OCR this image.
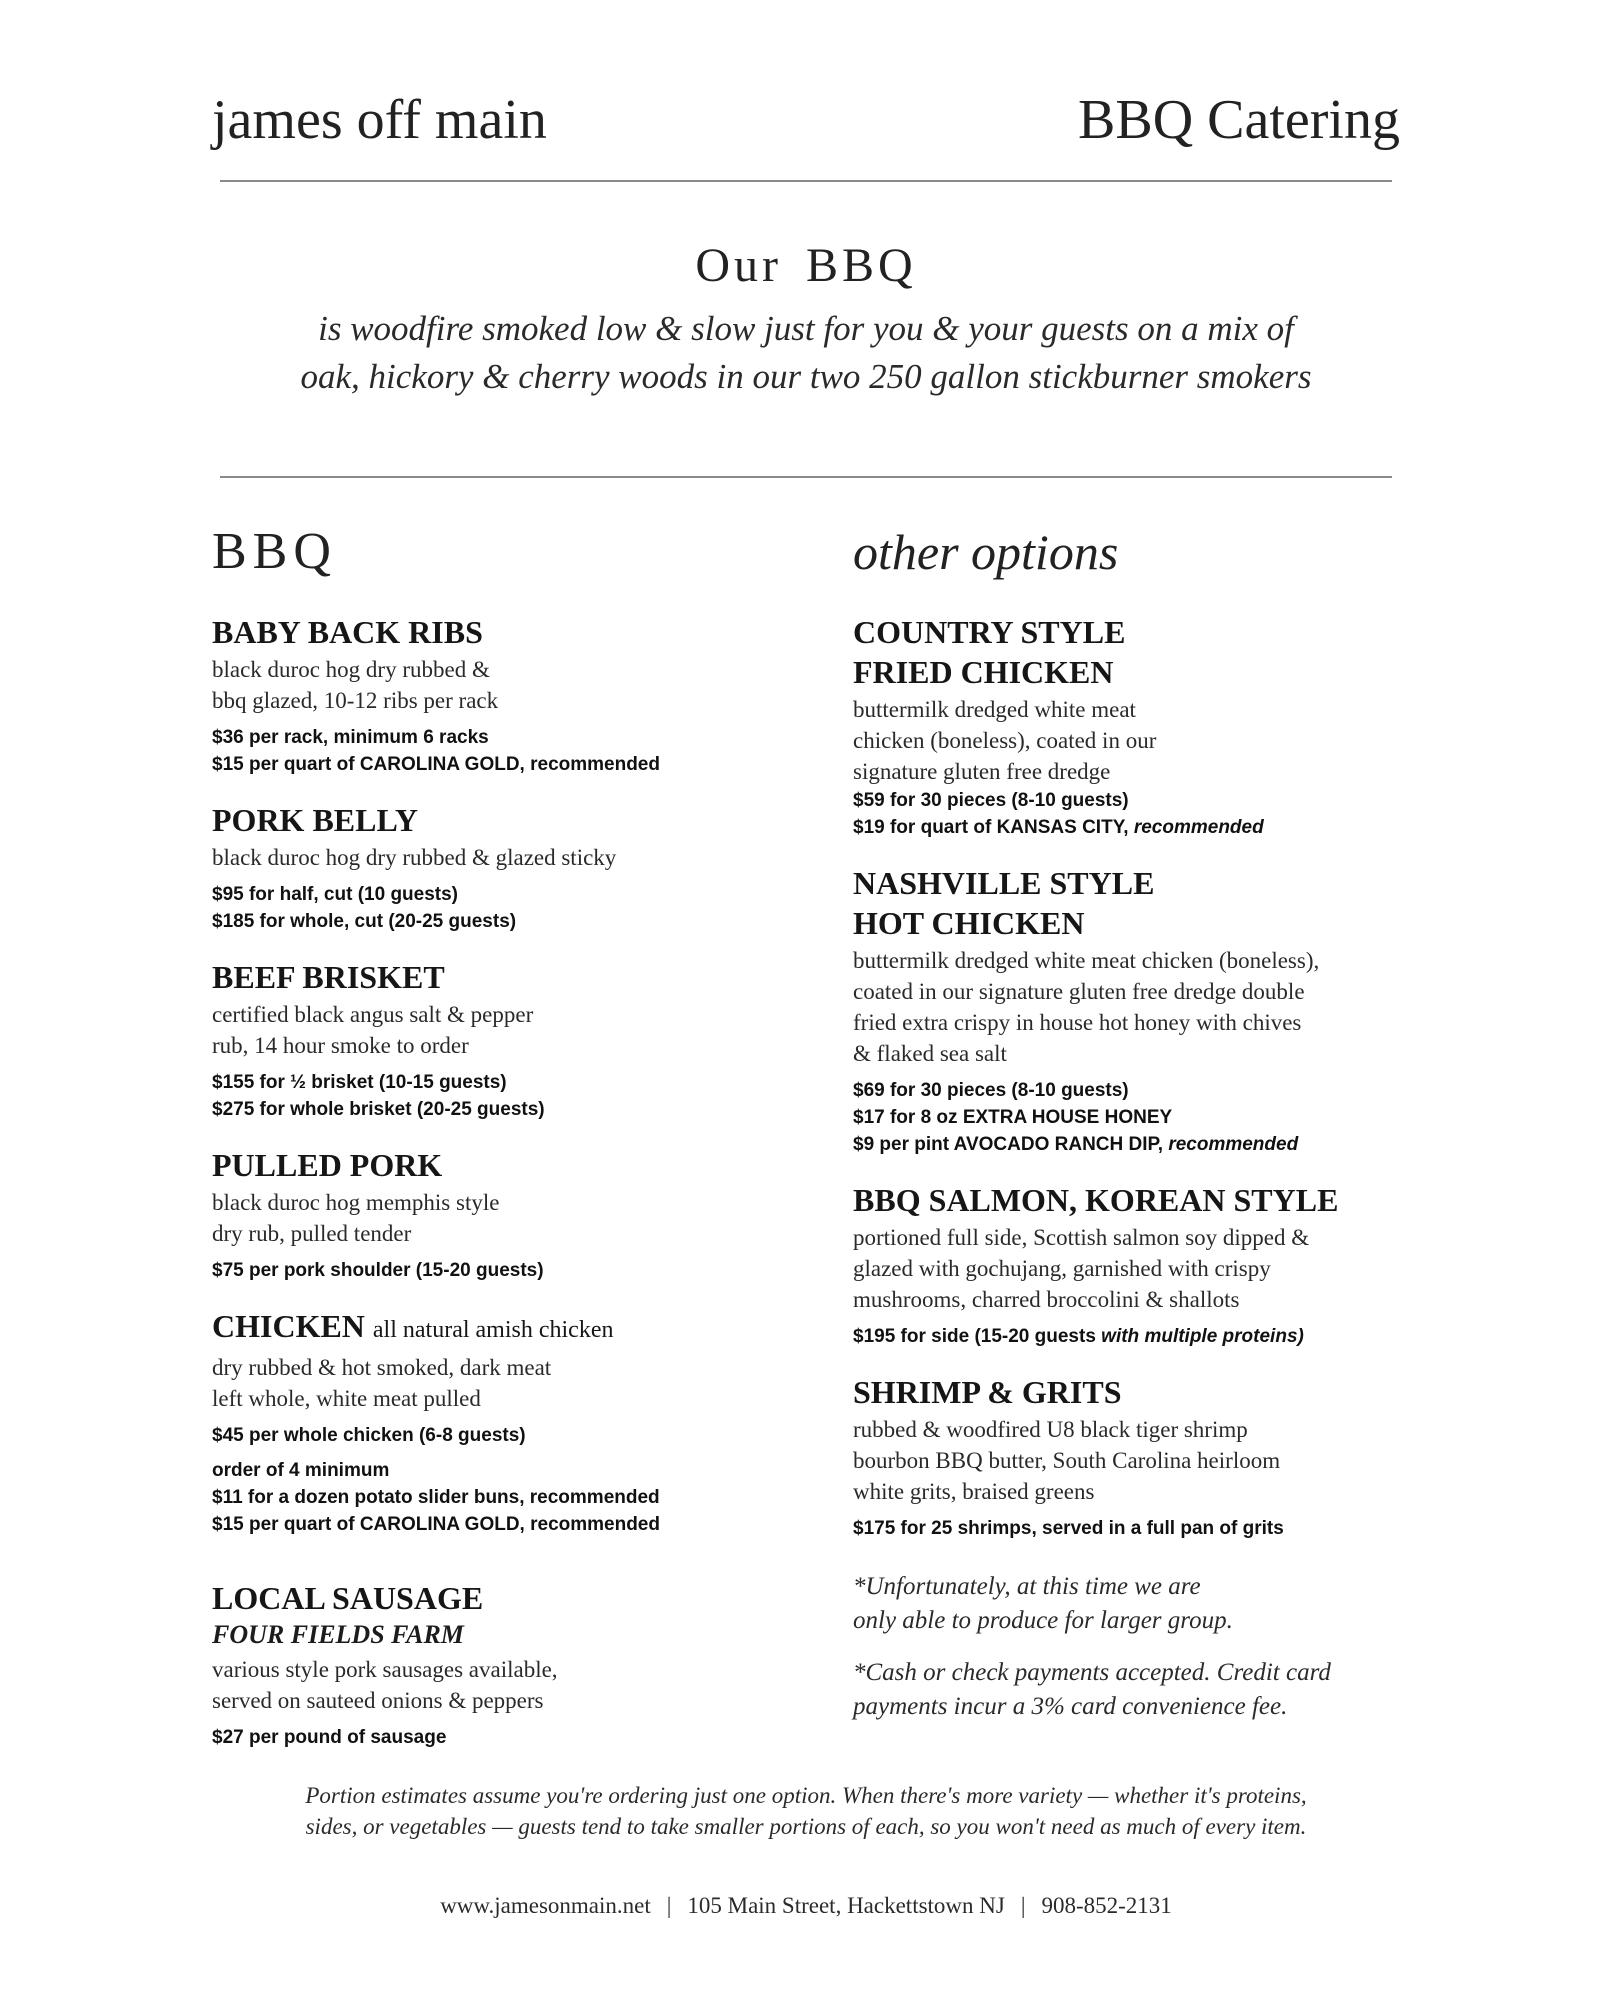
james off main	BBQ Catering
Our BBQ
is woodfire smoked low & slow just for you & your guests on a mix of
oak, hickory & cherry woods in our two 250 gallon stickburner smokers
BBQ
BABY BACK RIBS
black duroc hog dry rubbed &
bbq glazed, 10-12 ribs per rack
$36 per rack, minimum 6 racks
$15 per quart of CAROLINA GOLD, recommended
PORK BELLY
black duroc hog dry rubbed & glazed sticky
$95 for half, cut (10 guests)
$185 for whole, cut (20-25 guests)
BEEF BRISKET
certified black angus salt & pepper
rub, 14 hour smoke to order
$155 for ½ brisket (10-15 guests)
$275 for whole brisket (20-25 guests)
PULLED PORK
black duroc hog memphis style
dry rub, pulled tender
$75 per pork shoulder (15-20 guests)
CHICKEN all natural amish chicken
dry rubbed & hot smoked, dark meat
left whole, white meat pulled
$45 per whole chicken (6-8 guests)
order of 4 minimum
$11 for a dozen potato slider buns, recommended
$15 per quart of CAROLINA GOLD, recommended
LOCAL SAUSAGE
FOUR FIELDS FARM
various style pork sausages available,
served on sauteed onions & peppers
$27 per pound of sausage
other options
COUNTRY STYLE
FRIED CHICKEN
buttermilk dredged white meat
chicken (boneless), coated in our
signature gluten free dredge
$59 for 30 pieces (8-10 guests)
$19 for quart of KANSAS CITY, recommended
NASHVILLE STYLE
HOT CHICKEN
buttermilk dredged white meat chicken (boneless),
coated in our signature gluten free dredge double
fried extra crispy in house hot honey with chives
& flaked sea salt
$69 for 30 pieces (8-10 guests)
$17 for 8 oz EXTRA HOUSE HONEY
$9 per pint AVOCADO RANCH DIP, recommended
BBQ SALMON, KOREAN STYLE
portioned full side, Scottish salmon soy dipped &
glazed with gochujang, garnished with crispy
mushrooms, charred broccolini & shallots
$195 for side (15-20 guests with multiple proteins)
SHRIMP & GRITS
rubbed & woodfired U8 black tiger shrimp
bourbon BBQ butter, South Carolina heirloom
white grits, braised greens
$175 for 25 shrimps, served in a full pan of grits
*Unfortunately, at this time we are
only able to produce for larger group.
*Cash or check payments accepted. Credit card
payments incur a 3% card convenience fee.
Portion estimates assume you're ordering just one option. When there's more variety — whether it's proteins,
sides, or vegetables — guests tend to take smaller portions of each, so you won't need as much of every item.
www.jamesonmain.net | 105 Main Street, Hackettstown NJ | 908-852-2131
